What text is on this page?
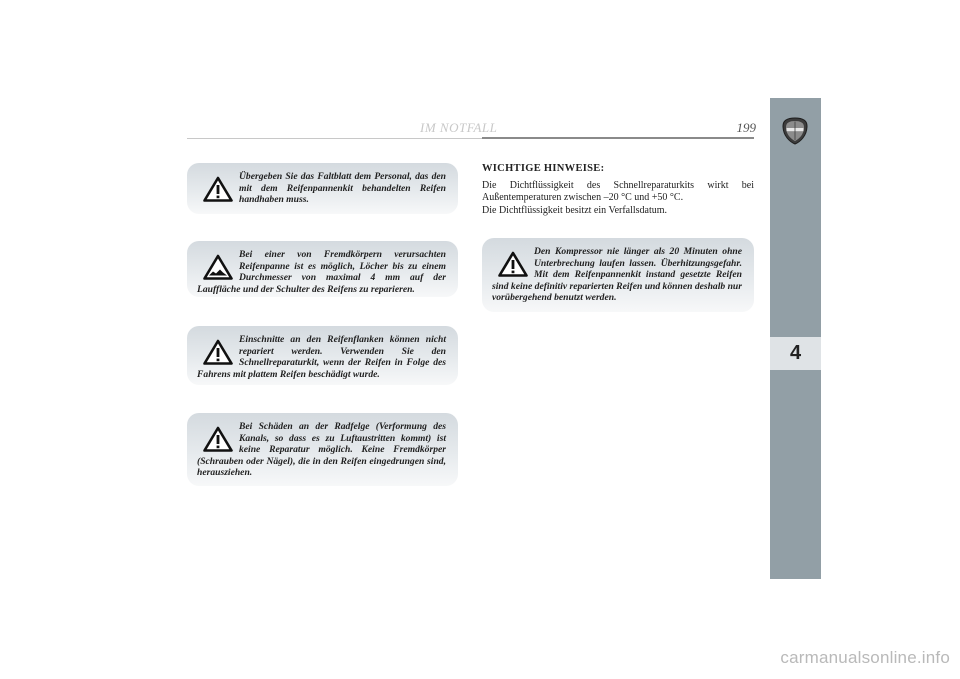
IM NOTFALL	199
4

Übergeben Sie das Faltblatt dem Personal, das den mit dem Reifenpannenkit behandelten Reifen handhaben muss.

Bei einer von Fremdkörpern verursachten Reifenpanne ist es möglich, Löcher bis zu einem Durchmesser von maximal 4 mm auf der Lauffläche und der Schulter des Reifens zu reparieren.

Einschnitte an den Reifenflanken können nicht repariert werden. Verwenden Sie den Schnellreparaturkit, wenn der Reifen in Folge des Fahrens mit plattem Reifen beschädigt wurde.

Bei Schäden an der Radfelge (Verformung des Kanals, so dass es zu Luftaustritten kommt) ist keine Reparatur möglich. Keine Fremdkörper (Schrauben oder Nägel), die in den Reifen eingedrungen sind, herausziehen.

WICHTIGE HINWEISE:

Die Dichtflüssigkeit des Schnellreparaturkits wirkt bei Außentemperaturen zwischen –20 °C und +50 °C.

Die Dichtflüssigkeit besitzt ein Verfallsdatum.

Den Kompressor nie länger als 20 Minuten ohne Unterbrechung laufen lassen. Überhitzungsgefahr. Mit dem Reifenpannenkit instand gesetzte Reifen sind keine definitiv reparierten Reifen und können deshalb nur vorübergehend benutzt werden.

carmanualsonline.info
